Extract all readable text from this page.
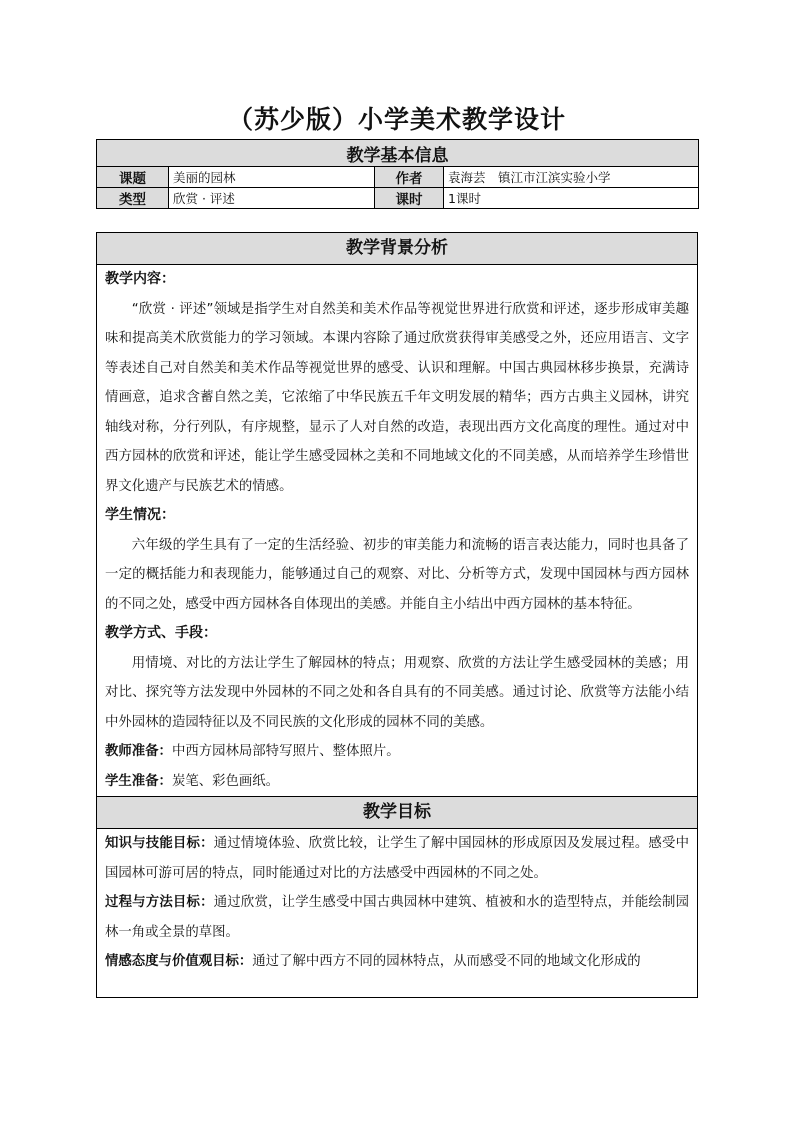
（苏少版）小学美术教学设计
教学基本信息			
课题	美丽的园林	作者	袁海芸　镇江市江滨实验小学
类型	欣赏 · 评述	课时	1课时
教学背景分析

教学内容：

“欣赏 · 评述”领域是指学生对自然美和美术作品等视觉世界进行欣赏和评述，逐步形成审美趣味和提高美术欣赏能力的学习领域。本课内容除了通过欣赏获得审美感受之外，还应用语言、文字等表述自己对自然美和美术作品等视觉世界的感受、认识和理解。中国古典园林移步换景，充满诗情画意，追求含蓄自然之美，它浓缩了中华民族五千年文明发展的精华；西方古典主义园林，讲究轴线对称，分行列队，有序规整，显示了人对自然的改造，表现出西方文化高度的理性。通过对中西方园林的欣赏和评述，能让学生感受园林之美和不同地域文化的不同美感，从而培养学生珍惜世界文化遗产与民族艺术的情感。

学生情况：

六年级的学生具有了一定的生活经验、初步的审美能力和流畅的语言表达能力，同时也具备了一定的概括能力和表现能力，能够通过自己的观察、对比、分析等方式，发现中国园林与西方园林的不同之处，感受中西方园林各自体现出的美感。并能自主小结出中西方园林的基本特征。

教学方式、手段：

用情境、对比的方法让学生了解园林的特点；用观察、欣赏的方法让学生感受园林的美感；用对比、探究等方法发现中外园林的不同之处和各自具有的不同美感。通过讨论、欣赏等方法能小结中外园林的造园特征以及不同民族的文化形成的园林不同的美感。

教师准备：中西方园林局部特写照片、整体照片。

学生准备：炭笔、彩色画纸。

教学目标

知识与技能目标：通过情境体验、欣赏比较，让学生了解中国园林的形成原因及发展过程。感受中国园林可游可居的特点，同时能通过对比的方法感受中西园林的不同之处。

过程与方法目标：通过欣赏，让学生感受中国古典园林中建筑、植被和水的造型特点，并能绘制园林一角或全景的草图。

情感态度与价值观目标：通过了解中西方不同的园林特点，从而感受不同的地域文化形成的
